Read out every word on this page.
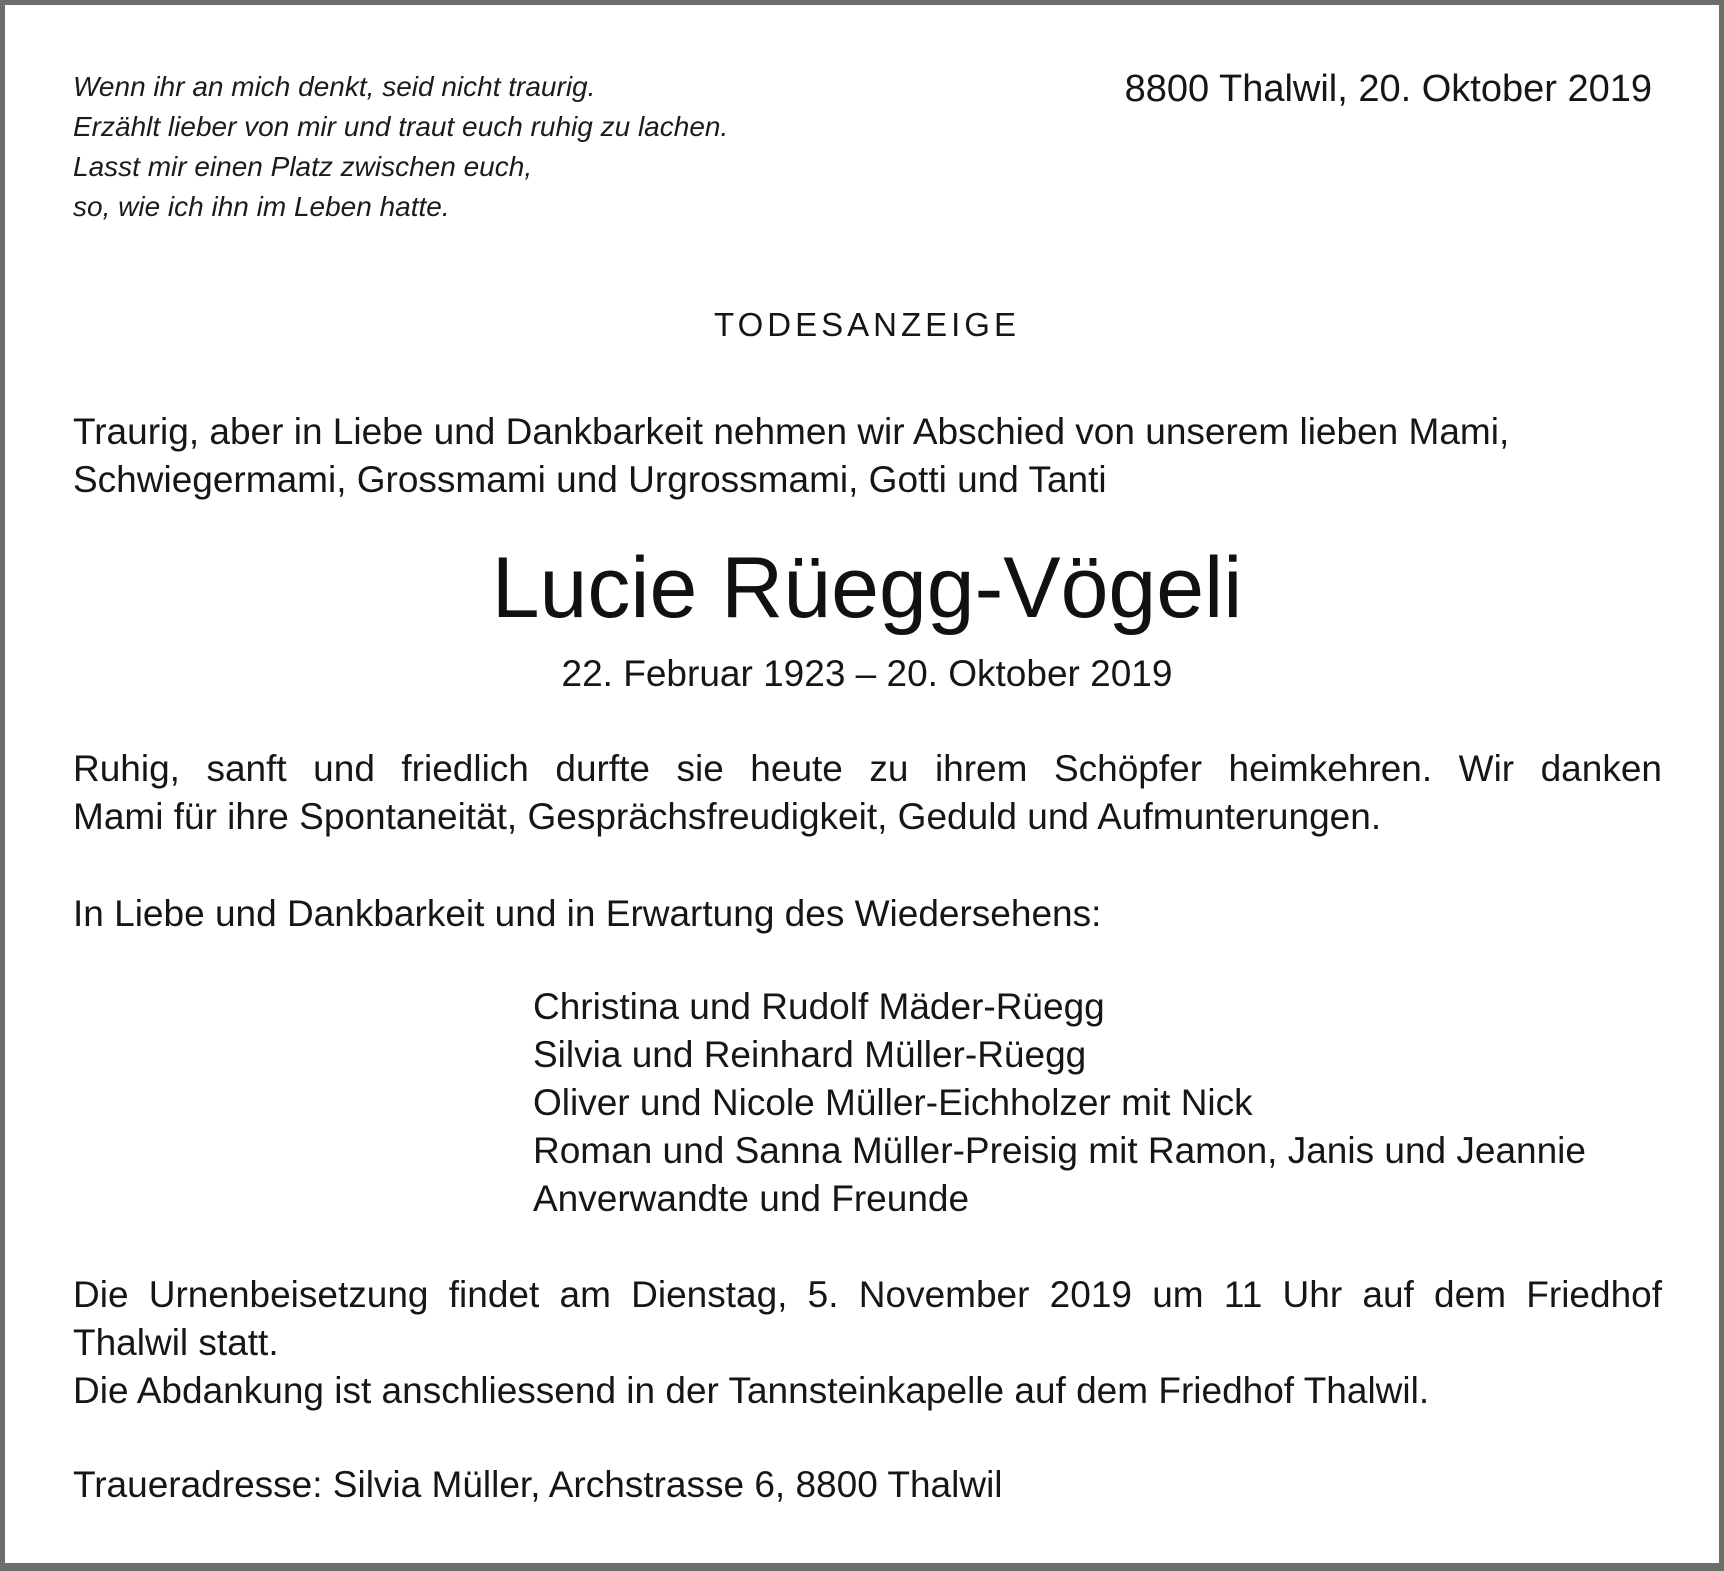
Wenn ihr an mich denkt, seid nicht traurig.
Erzählt lieber von mir und traut euch ruhig zu lachen.
Lasst mir einen Platz zwischen euch,
so, wie ich ihn im Leben hatte.
8800 Thalwil, 20. Oktober 2019
TODESANZEIGE
Traurig, aber in Liebe und Dankbarkeit nehmen wir Abschied von unserem lieben Mami,
Schwiegermami, Grossmami und Urgrossmami, Gotti und Tanti
Lucie Rüegg-Vögeli
22. Februar 1923 – 20. Oktober 2019
Ruhig, sanft und friedlich durfte sie heute zu ihrem Schöpfer heimkehren. Wir danken
Mami für ihre Spontaneität, Gesprächsfreudigkeit, Geduld und Aufmunterungen.
In Liebe und Dankbarkeit und in Erwartung des Wiedersehens:
Christina und Rudolf Mäder-Rüegg
Silvia und Reinhard Müller-Rüegg
Oliver und Nicole Müller-Eichholzer mit Nick
Roman und Sanna Müller-Preisig mit Ramon, Janis und Jeannie
Anverwandte und Freunde
Die Urnenbeisetzung findet am Dienstag, 5. November 2019 um 11 Uhr auf dem Friedhof
Thalwil statt.
Die Abdankung ist anschliessend in der Tannsteinkapelle auf dem Friedhof Thalwil.
Traueradresse: Silvia Müller, Archstrasse 6, 8800 Thalwil
